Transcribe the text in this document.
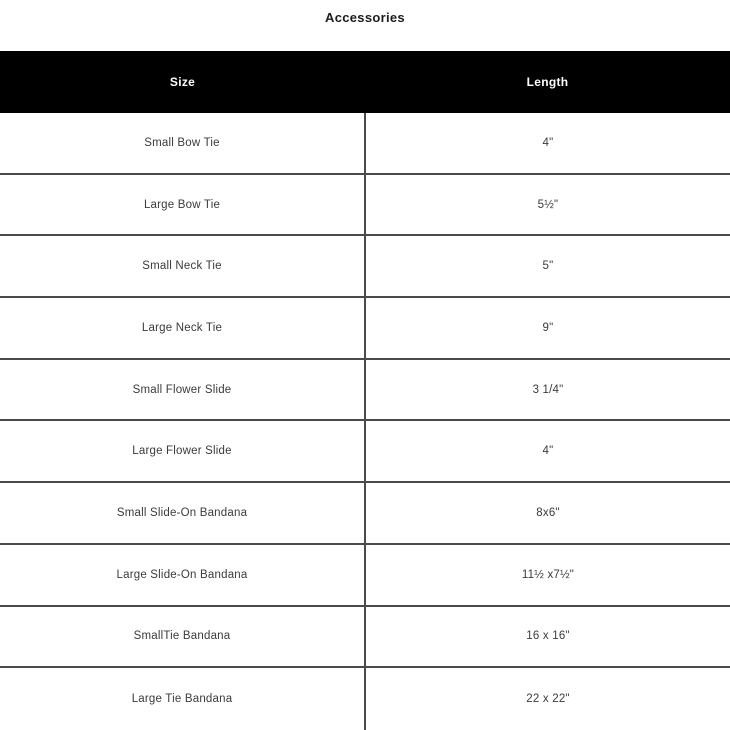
Accessories
Size	Length
Small Bow Tie	4"
Large Bow Tie	5½"
Small Neck Tie	5"
Large Neck Tie	9"
Small Flower Slide	3 1/4"
Large Flower Slide	4"
Small Slide-On Bandana	8x6"
Large Slide-On Bandana	11½ x7½"
SmallTie Bandana	16 x 16"
Large Tie Bandana	22 x 22"
